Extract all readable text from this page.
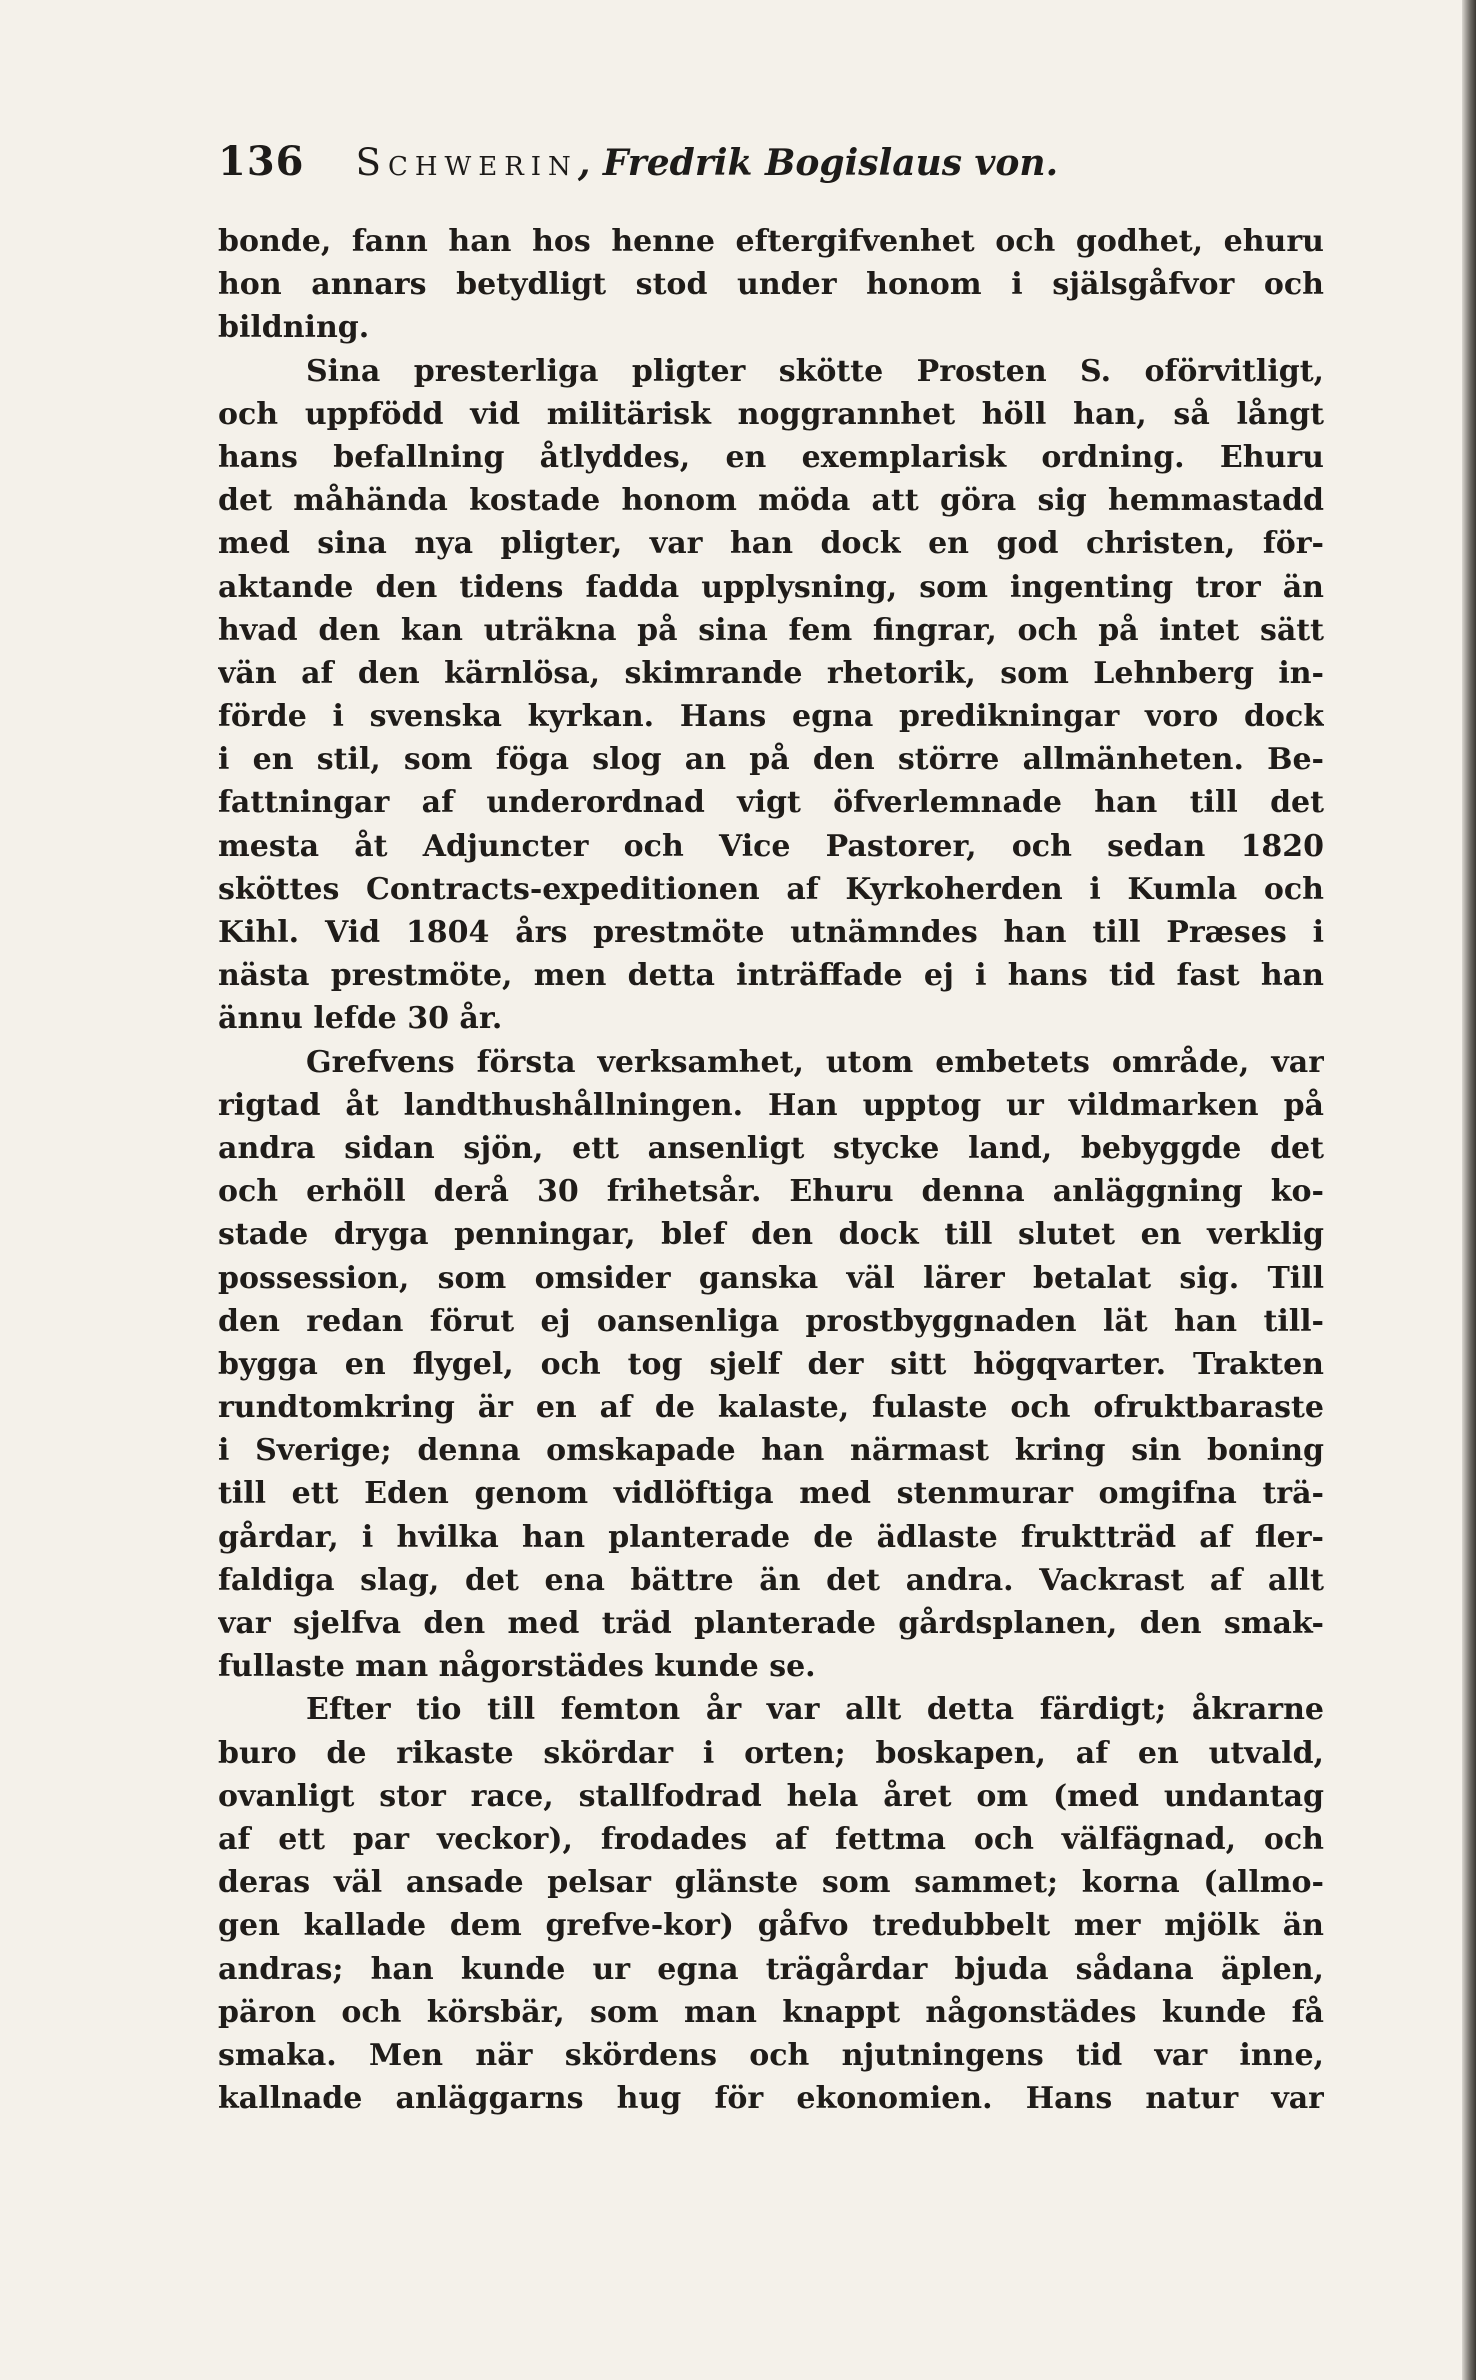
136 Schwerin, Fredrik Bogislaus von.
bonde, fann han hos henne eftergifvenhet och godhet, ehuru
hon annars betydligt stod under honom i själsgåfvor och
bildning.
Sina presterliga pligter skötte Prosten S. oförvitligt,
och uppfödd vid militärisk noggrannhet höll han, så långt
hans befallning åtlyddes, en exemplarisk ordning. Ehuru
det måhända kostade honom möda att göra sig hemmastadd
med sina nya pligter, var han dock en god christen, för-
aktande den tidens fadda upplysning, som ingenting tror än
hvad den kan uträkna på sina fem fingrar, och på intet sätt
vän af den kärnlösa, skimrande rhetorik, som Lehnberg in-
förde i svenska kyrkan. Hans egna predikningar voro dock
i en stil, som föga slog an på den större allmänheten. Be-
fattningar af underordnad vigt öfverlemnade han till det
mesta åt Adjuncter och Vice Pastorer, och sedan 1820
sköttes Contracts-expeditionen af Kyrkoherden i Kumla och
Kihl. Vid 1804 års prestmöte utnämndes han till Præses i
nästa prestmöte, men detta inträffade ej i hans tid fast han
ännu lefde 30 år.
Grefvens första verksamhet, utom embetets område, var
rigtad åt landthushållningen. Han upptog ur vildmarken på
andra sidan sjön, ett ansenligt stycke land, bebyggde det
och erhöll derå 30 frihetsår. Ehuru denna anläggning ko-
stade dryga penningar, blef den dock till slutet en verklig
possession, som omsider ganska väl lärer betalat sig. Till
den redan förut ej oansenliga prostbyggnaden lät han till-
bygga en flygel, och tog sjelf der sitt högqvarter. Trakten
rundtomkring är en af de kalaste, fulaste och ofruktbaraste
i Sverige; denna omskapade han närmast kring sin boning
till ett Eden genom vidlöftiga med stenmurar omgifna trä-
gårdar, i hvilka han planterade de ädlaste fruktträd af fler-
faldiga slag, det ena bättre än det andra. Vackrast af allt
var sjelfva den med träd planterade gårdsplanen, den smak-
fullaste man någorstädes kunde se.
Efter tio till femton år var allt detta färdigt; åkrarne
buro de rikaste skördar i orten; boskapen, af en utvald,
ovanligt stor race, stallfodrad hela året om (med undantag
af ett par veckor), frodades af fettma och välfägnad, och
deras väl ansade pelsar glänste som sammet; korna (allmo-
gen kallade dem grefve-kor) gåfvo tredubbelt mer mjölk än
andras; han kunde ur egna trägårdar bjuda sådana äplen,
päron och körsbär, som man knappt någonstädes kunde få
smaka. Men när skördens och njutningens tid var inne,
kallnade anläggarns hug för ekonomien. Hans natur var
